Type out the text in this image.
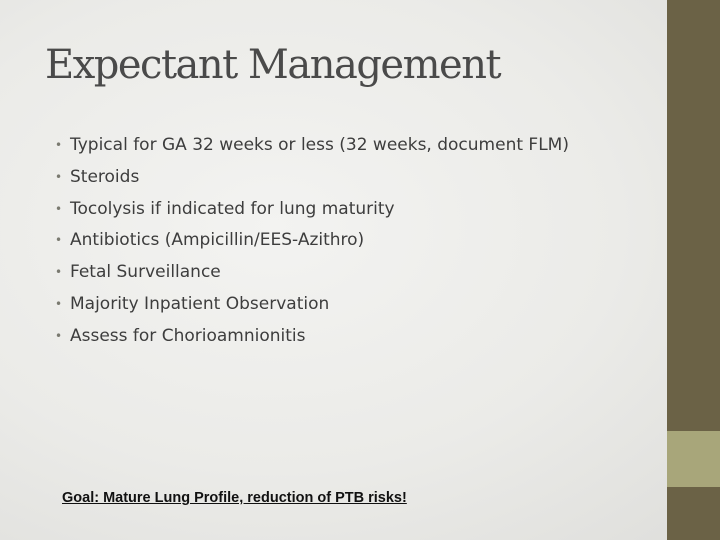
Expectant Management
• Typical for GA 32 weeks or less (32 weeks, document FLM)
• Steroids
• Tocolysis if indicated for lung maturity
• Antibiotics (Ampicillin/EES-Azithro)
• Fetal Surveillance
• Majority Inpatient Observation
• Assess for Chorioamnionitis
Goal: Mature Lung Profile, reduction of PTB risks!
